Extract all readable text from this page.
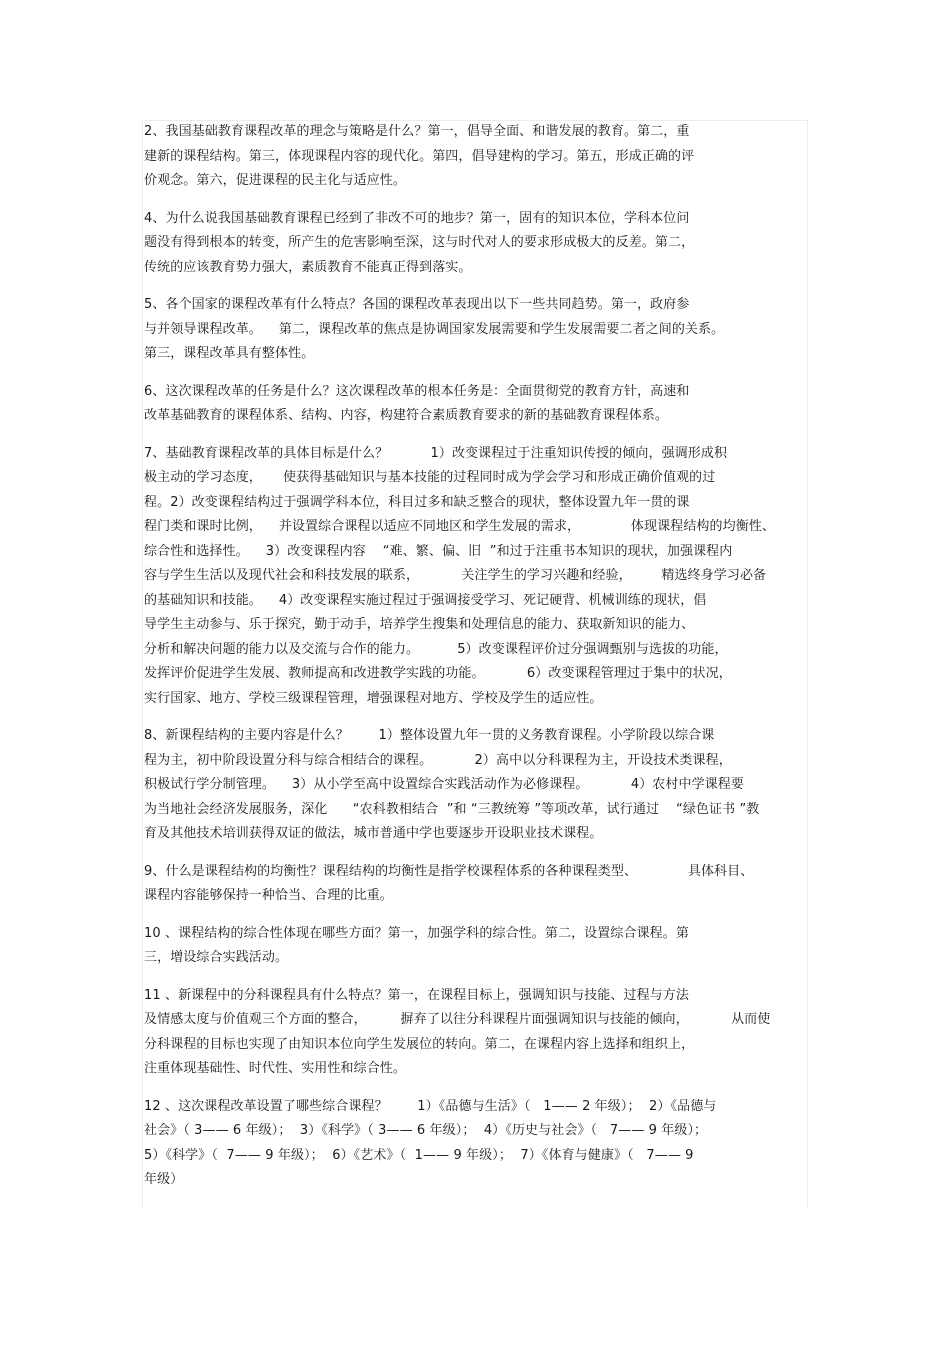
2、我国基础教育课程改革的理念与策略是什么？第一，倡导全面、和谐发展的教育。第二，重
建新的课程结构。第三，体现课程内容的现代化。第四，倡导建构的学习。第五，形成正确的评
价观念。第六，促进课程的民主化与适应性。
4、为什么说我国基础教育课程已经到了非改不可的地步？第一，固有的知识本位，学科本位问
题没有得到根本的转变，所产生的危害影响至深，这与时代对人的要求形成极大的反差。第二，
传统的应该教育势力强大，素质教育不能真正得到落实。
5、各个国家的课程改革有什么特点？各国的课程改革表现出以下一些共同趋势。第一，政府参
与并领导课程改革。    第二，课程改革的焦点是协调国家发展需要和学生发展需要二者之间的关系。
第三，课程改革具有整体性。
6、这次课程改革的任务是什么？这次课程改革的根本任务是：全面贯彻党的教育方针，高速和
改革基础教育的课程体系、结构、内容，构建符合素质教育要求的新的基础教育课程体系。
7、基础教育课程改革的具体目标是什么？          1）改变课程过于注重知识传授的倾向，强调形成积
极主动的学习态度，     使获得基础知识与基本技能的过程同时成为学会学习和形成正确价值观的过
程。2）改变课程结构过于强调学科本位，科目过多和缺乏整合的现状，整体设置九年一贯的课
程门类和课时比例，    并设置综合课程以适应不同地区和学生发展的需求，            体现课程结构的均衡性、
综合性和选择性。    3）改变课程内容    “难、繁、偏、旧  ”和过于注重书本知识的现状，加强课程内
容与学生生活以及现代社会和科技发展的联系，          关注学生的学习兴趣和经验，       精选终身学习必备
的基础知识和技能。    4）改变课程实施过程过于强调接受学习、死记硬背、机械训练的现状，倡
导学生主动参与、乐于探究，勤于动手，培养学生搜集和处理信息的能力、获取新知识的能力、
分析和解决问题的能力以及交流与合作的能力。         5）改变课程评价过分强调甄别与选拔的功能，
发挥评价促进学生发展、教师提高和改进教学实践的功能。          6）改变课程管理过于集中的状况，
实行国家、地方、学校三级课程管理，增强课程对地方、学校及学生的适应性。
8、新课程结构的主要内容是什么？       1）整体设置九年一贯的义务教育课程。小学阶段以综合课
程为主，初中阶段设置分科与综合相结合的课程。          2）高中以分科课程为主，开设技术类课程，
积极试行学分制管理。    3）从小学至高中设置综合实践活动作为必修课程。          4）农村中学课程要
为当地社会经济发展服务，深化      “农科教相结合  ”和 “三教统筹 ”等项改革，试行通过    “绿色证书 ”教
育及其他技术培训获得双证的做法，城市普通中学也要逐步开设职业技术课程。
9、什么是课程结构的均衡性？课程结构的均衡性是指学校课程体系的各种课程类型、            具体科目、
课程内容能够保持一种恰当、合理的比重。
10 、课程结构的综合性体现在哪些方面？第一，加强学科的综合性。第二，设置综合课程。第
三，增设综合实践活动。
11 、新课程中的分科课程具有什么特点？第一，在课程目标上，强调知识与技能、过程与方法
及情感太度与价值观三个方面的整合，        摒弃了以往分科课程片面强调知识与技能的倾向，          从而使
分科课程的目标也实现了由知识本位向学生发展位的转向。第二，在课程内容上选择和组织上，
注重体现基础性、时代性、实用性和综合性。
12 、这次课程改革设置了哪些综合课程？       1）《品德与生活》（   1—— 2 年级）；  2）《品德与
社会》（ 3—— 6 年级）；  3）《科学》（ 3—— 6 年级）；  4）《历史与社会》（   7—— 9 年级）；
5）《科学》（  7—— 9 年级）；  6）《艺术》（  1—— 9 年级）；  7）《体育与健康》（   7—— 9
年级）
